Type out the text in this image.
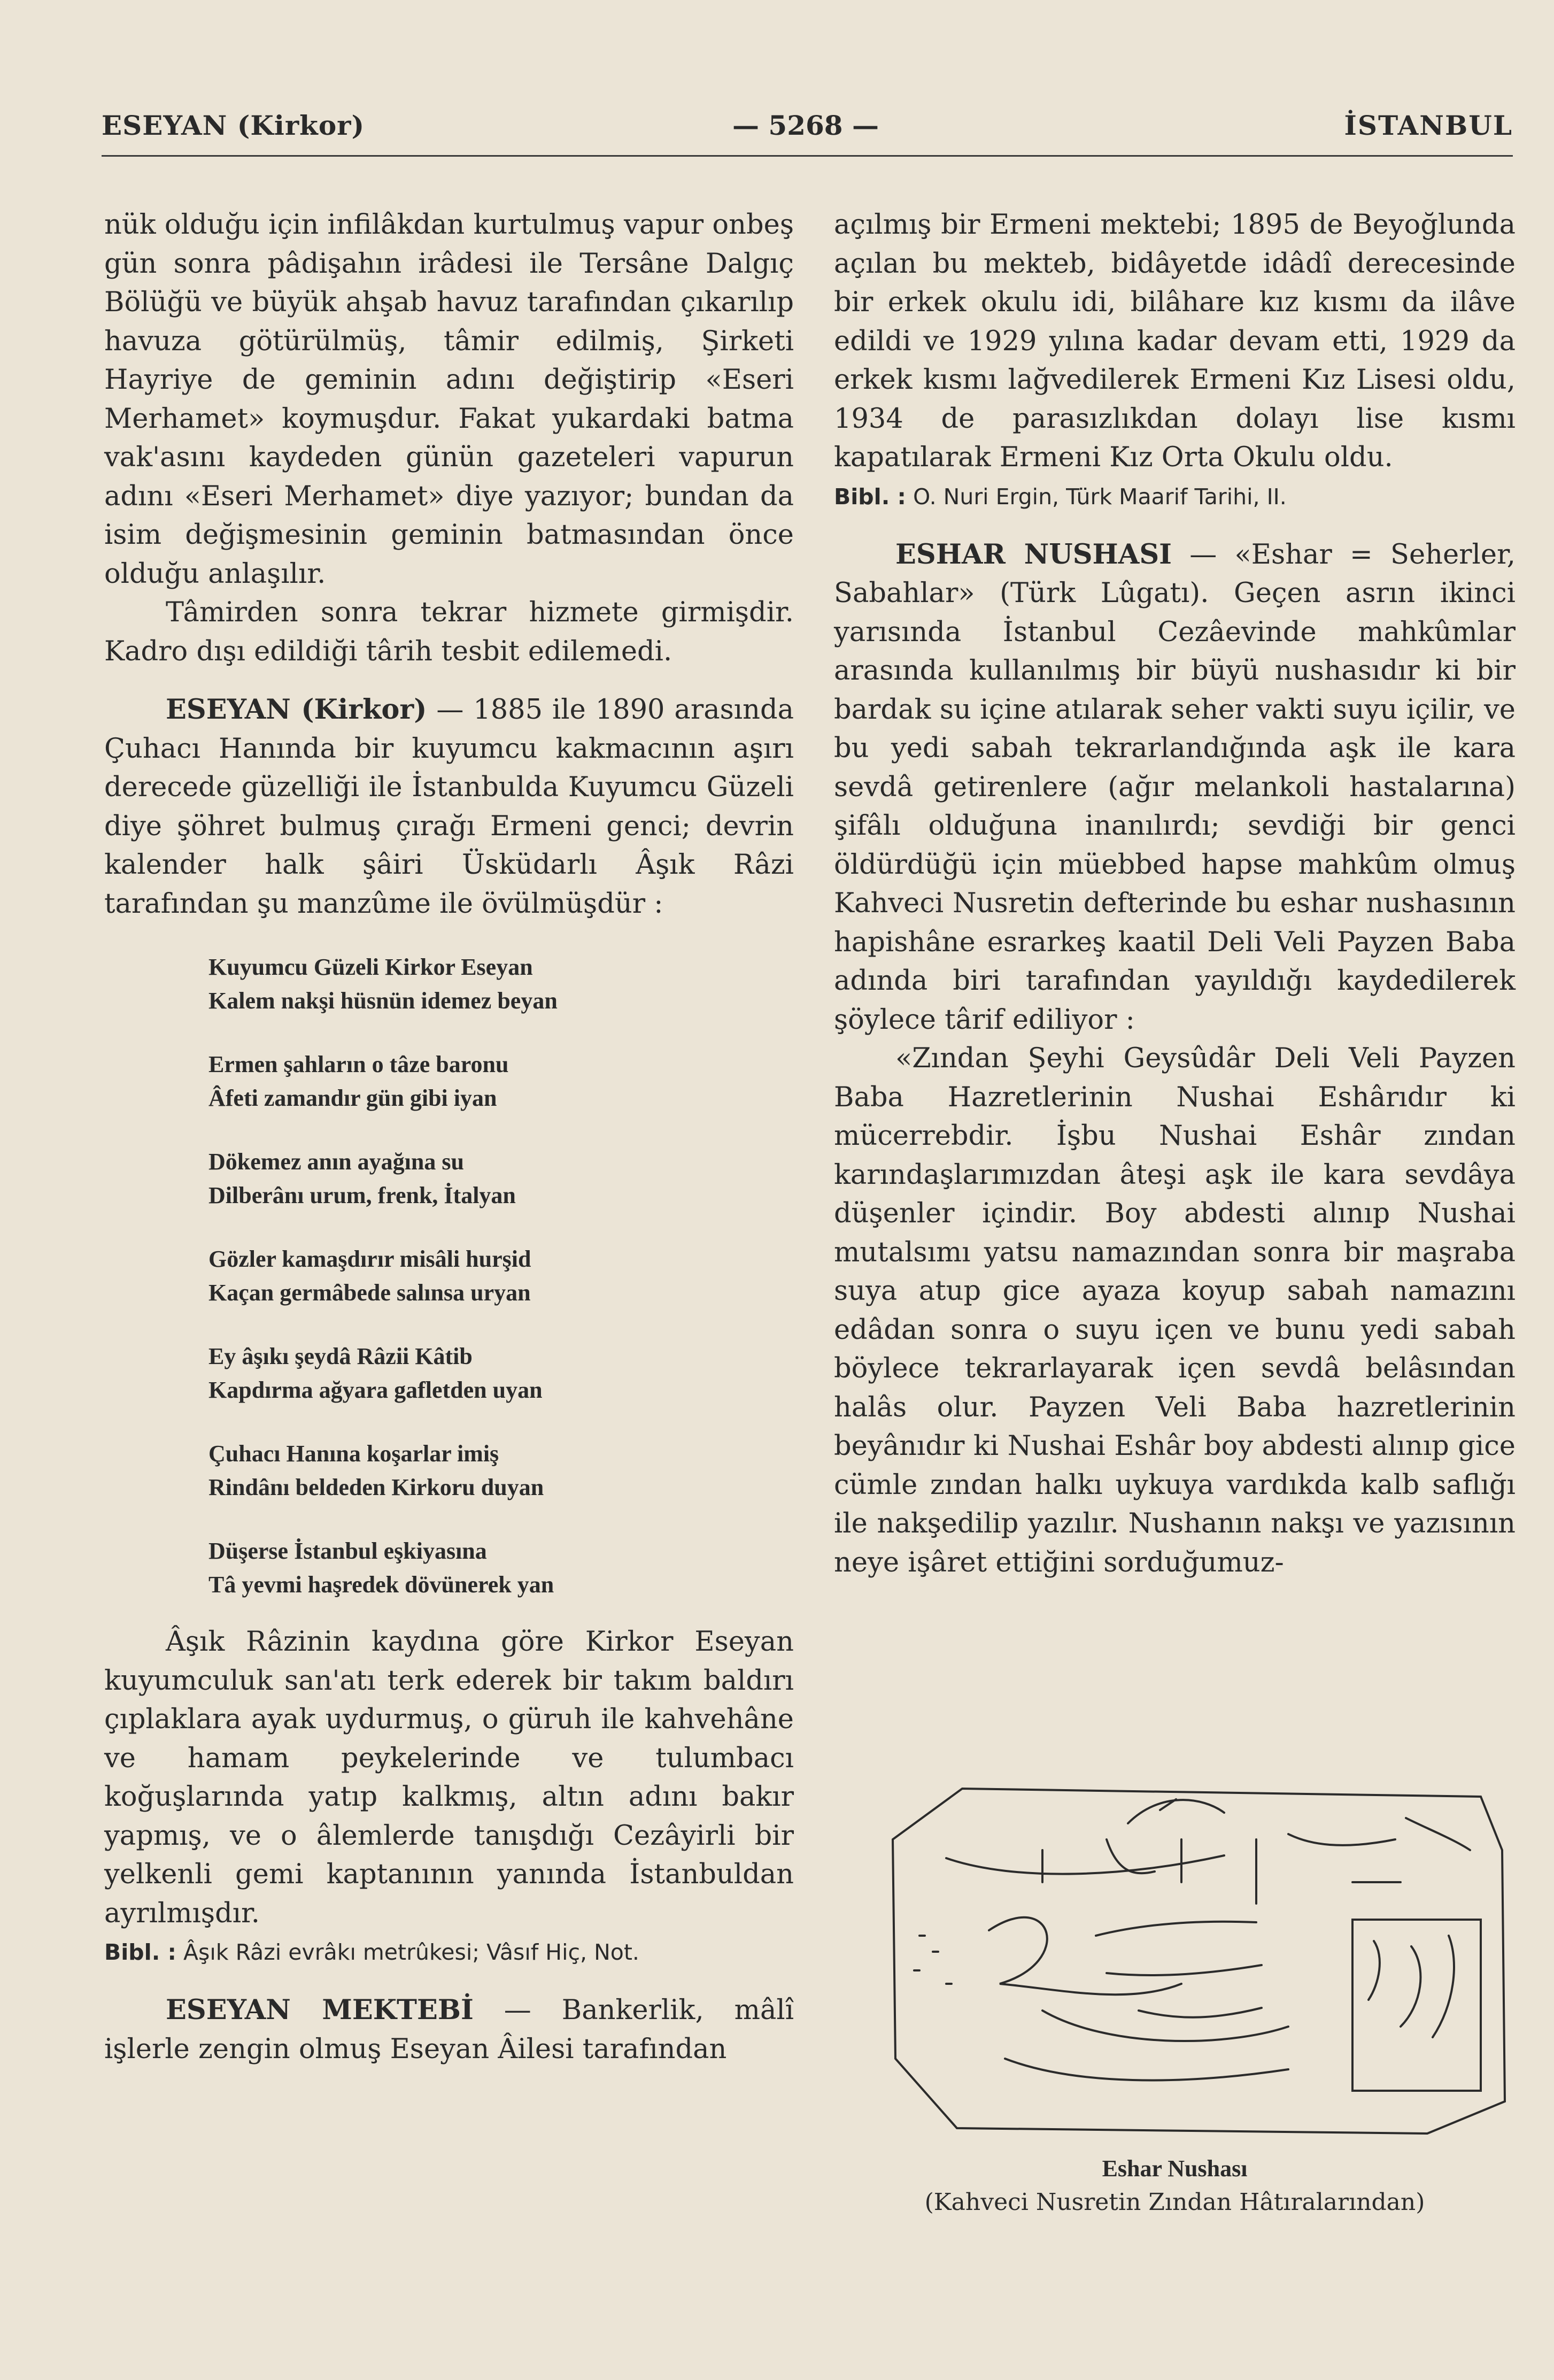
ESEYAN (Kirkor)	— 5268 —	İSTANBUL

nük olduğu için infilâkdan kurtulmuş vapur onbeş gün sonra pâdişahın irâdesi ile Tersâne Dalgıç Bölüğü ve büyük ahşab havuz tarafından çıkarılıp havuza götürülmüş, tâmir edilmiş, Şirketi Hayriye de geminin adını değiştirip «Eseri Merhamet» koymuşdur. Fakat yukardaki batma vak'asını kaydeden günün gazeteleri vapurun adını «Eseri Merhamet» diye yazıyor; bundan da isim değişmesinin geminin batmasından önce olduğu anlaşılır.

Tâmirden sonra tekrar hizmete girmişdir. Kadro dışı edildiği târih tesbit edilemedi.

ESEYAN (Kirkor) — 1885 ile 1890 arasında Çuhacı Hanında bir kuyumcu kakmacının aşırı derecede güzelliği ile İstanbulda Kuyumcu Güzeli diye şöhret bulmuş çırağı Ermeni genci; devrin kalender halk şâiri Üsküdarlı Âşık Râzi tarafından şu manzûme ile övülmüşdür :

Kuyumcu Güzeli Kirkor Eseyan
Kalem nakşi hüsnün idemez beyan
Ermen şahların o tâze baronu
Âfeti zamandır gün gibi iyan
Dökemez anın ayağına su
Dilberânı urum, frenk, İtalyan
Gözler kamaşdırır misâli hurşid
Kaçan germâbede salınsa uryan
Ey âşıkı şeydâ Râzii Kâtib
Kapdırma ağyara gafletden uyan
Çuhacı Hanına koşarlar imiş
Rindânı beldeden Kirkoru duyan
Düşerse İstanbul eşkiyasına
Tâ yevmi haşredek dövünerek yan

Âşık Râzinin kaydına göre Kirkor Eseyan kuyumculuk san'atı terk ederek bir takım baldırı çıplaklara ayak uydurmuş, o güruh ile kahvehâne ve hamam peykelerinde ve tulumbacı koğuşlarında yatıp kalkmış, altın adını bakır yapmış, ve o âlemlerde tanışdığı Cezâyirli bir yelkenli gemi kaptanının yanında İstanbuldan ayrılmışdır.

Bibl. : Âşık Râzi evrâkı metrûkesi; Vâsıf Hiç, Not.

ESEYAN MEKTEBİ — Bankerlik, mâlî işlerle zengin olmuş Eseyan Âilesi tarafından

açılmış bir Ermeni mektebi; 1895 de Beyoğlunda açılan bu mekteb, bidâyetde idâdî derecesinde bir erkek okulu idi, bilâhare kız kısmı da ilâve edildi ve 1929 yılına kadar devam etti, 1929 da erkek kısmı lağvedilerek Ermeni Kız Lisesi oldu, 1934 de parasızlıkdan dolayı lise kısmı kapatılarak Ermeni Kız Orta Okulu oldu.

Bibl. : O. Nuri Ergin, Türk Maarif Tarihi, II.

ESHAR NUSHASI — «Eshar = Seherler, Sabahlar» (Türk Lûgatı). Geçen asrın ikinci yarısında İstanbul Cezâevinde mahkûmlar arasında kullanılmış bir büyü nushasıdır ki bir bardak su içine atılarak seher vakti suyu içilir, ve bu yedi sabah tekrarlandığında aşk ile kara sevdâ getirenlere (ağır melankoli hastalarına) şifâlı olduğuna inanılırdı; sevdiği bir genci öldürdüğü için müebbed hapse mahkûm olmuş Kahveci Nusretin defterinde bu eshar nushasının hapishâne esrarkeş kaatil Deli Veli Payzen Baba adında biri tarafından yayıldığı kaydedilerek şöylece târif ediliyor :

«Zından Şeyhi Geysûdâr Deli Veli Payzen Baba Hazretlerinin Nushai Eshârıdır ki mücerrebdir. İşbu Nushai Eshâr zından karındaşlarımızdan âteşi aşk ile kara sevdâya düşenler içindir. Boy abdesti alınıp Nushai mutalsımı yatsu namazından sonra bir maşraba suya atup gice ayaza koyup sabah namazını edâdan sonra o suyu içen ve bunu yedi sabah böylece tekrarlayarak içen sevdâ belâsından halâs olur. Payzen Veli Baba hazretlerinin beyânıdır ki Nushai Eshâr boy abdesti alınıp gice cümle zından halkı uykuya vardıkda kalb saflığı ile nakşedilip yazılır. Nushanın nakşı ve yazısının neye işâret ettiğini sorduğumuz-

Eshar Nushası
(Kahveci Nusretin Zından Hâtıralarından)
